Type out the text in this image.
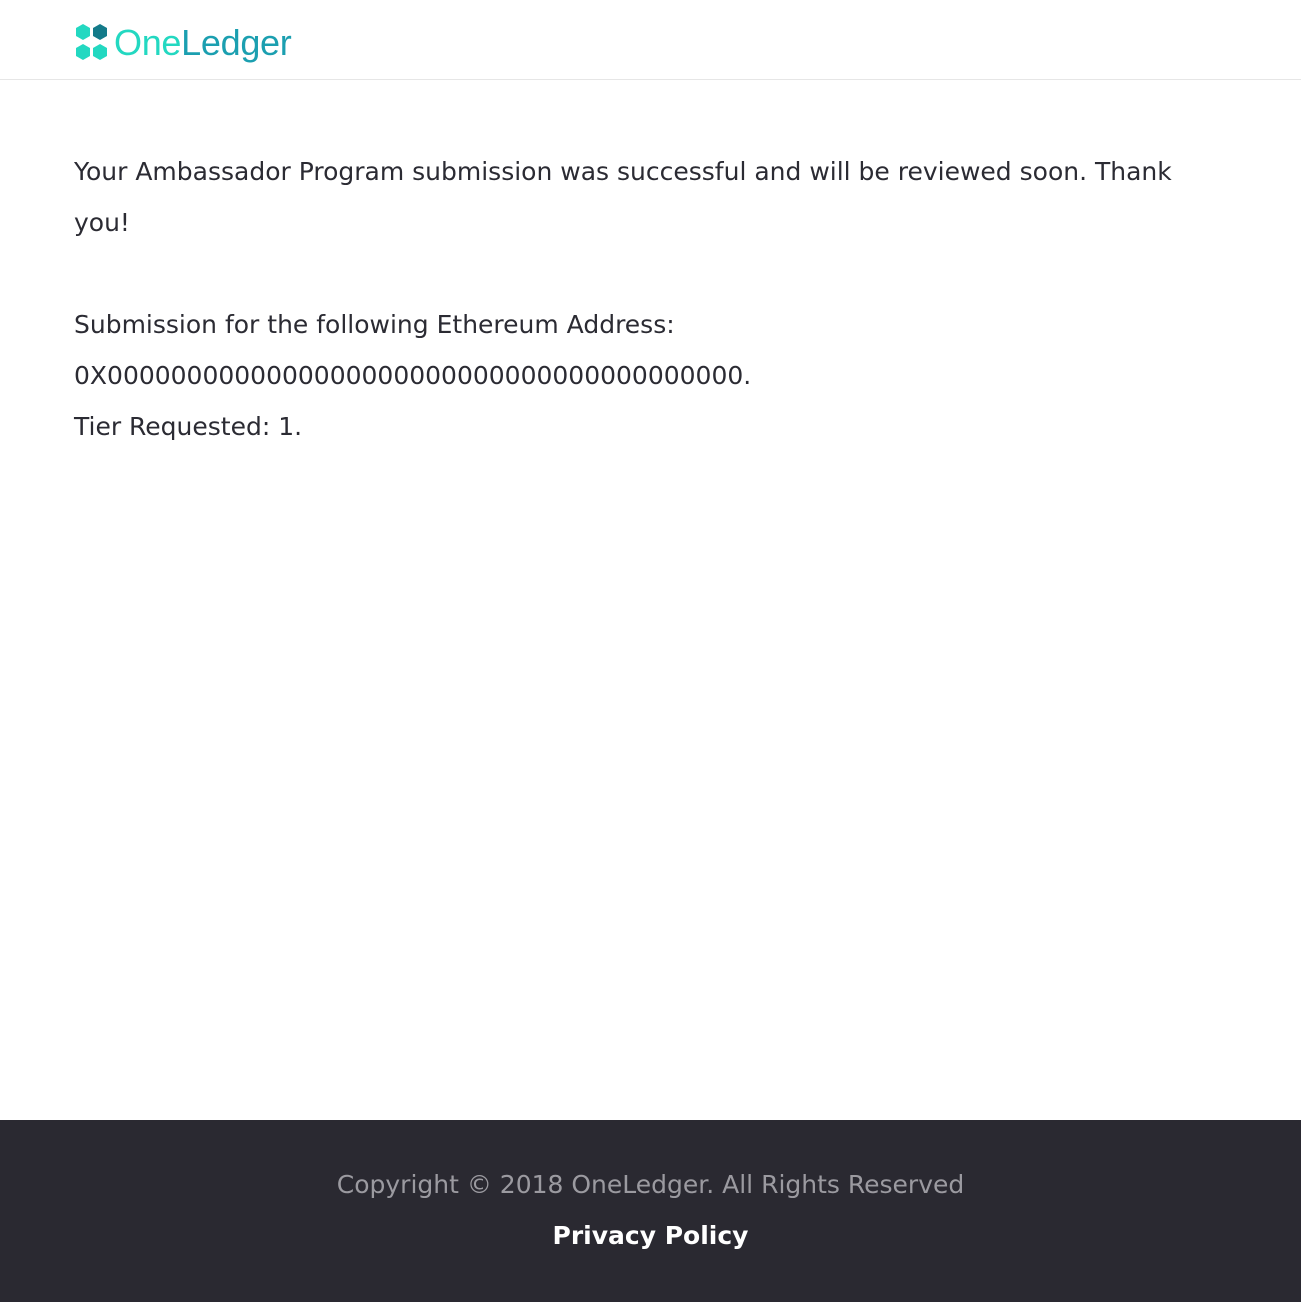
OneLedger

Your Ambassador Program submission was successful and will be reviewed soon. Thank you!

Submission for the following Ethereum Address:

0X0000000000000000000000000000000000000000.

Tier Requested: 1.

Copyright © 2018 OneLedger. All Rights Reserved
Privacy Policy
